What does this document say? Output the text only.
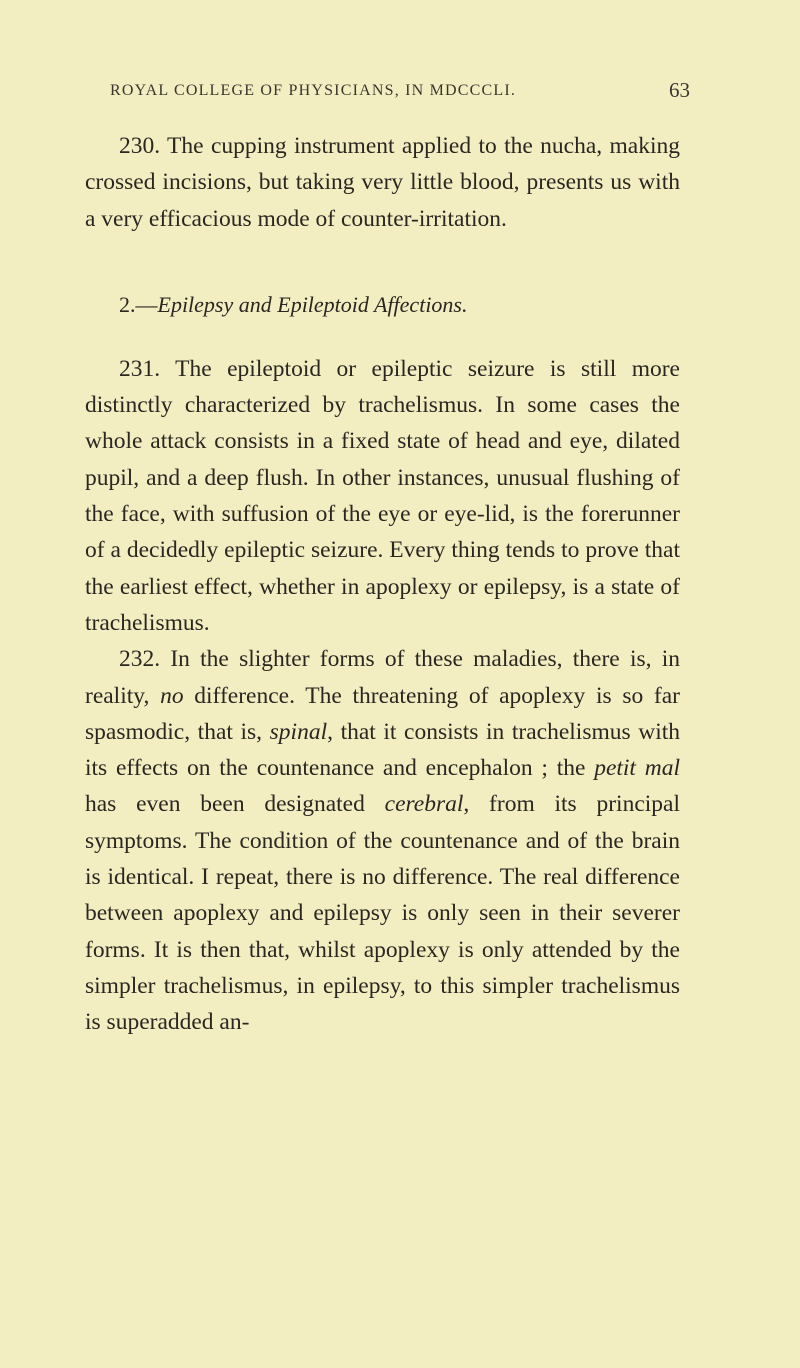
ROYAL COLLEGE OF PHYSICIANS, IN MDCCCLI.	63

230. The cupping instrument applied to the nucha, making crossed incisions, but taking very little blood, presents us with a very efficacious mode of counter-irritation.

2.—Epilepsy and Epileptoid Affections.

231. The epileptoid or epileptic seizure is still more distinctly characterized by trachelismus. In some cases the whole attack consists in a fixed state of head and eye, dilated pupil, and a deep flush. In other instances, unusual flushing of the face, with suffusion of the eye or eye-lid, is the forerunner of a decidedly epileptic seizure. Every thing tends to prove that the earliest effect, whether in apoplexy or epilepsy, is a state of trachelismus.

232. In the slighter forms of these maladies, there is, in reality, no difference. The threatening of apoplexy is so far spasmodic, that is, spinal, that it consists in trachelismus with its effects on the countenance and encephalon ; the petit mal has even been designated cerebral, from its principal symptoms. The condition of the countenance and of the brain is identical. I repeat, there is no difference. The real difference between apoplexy and epilepsy is only seen in their severer forms. It is then that, whilst apoplexy is only attended by the simpler trachelismus, in epilepsy, to this simpler trachelismus is superadded an-
